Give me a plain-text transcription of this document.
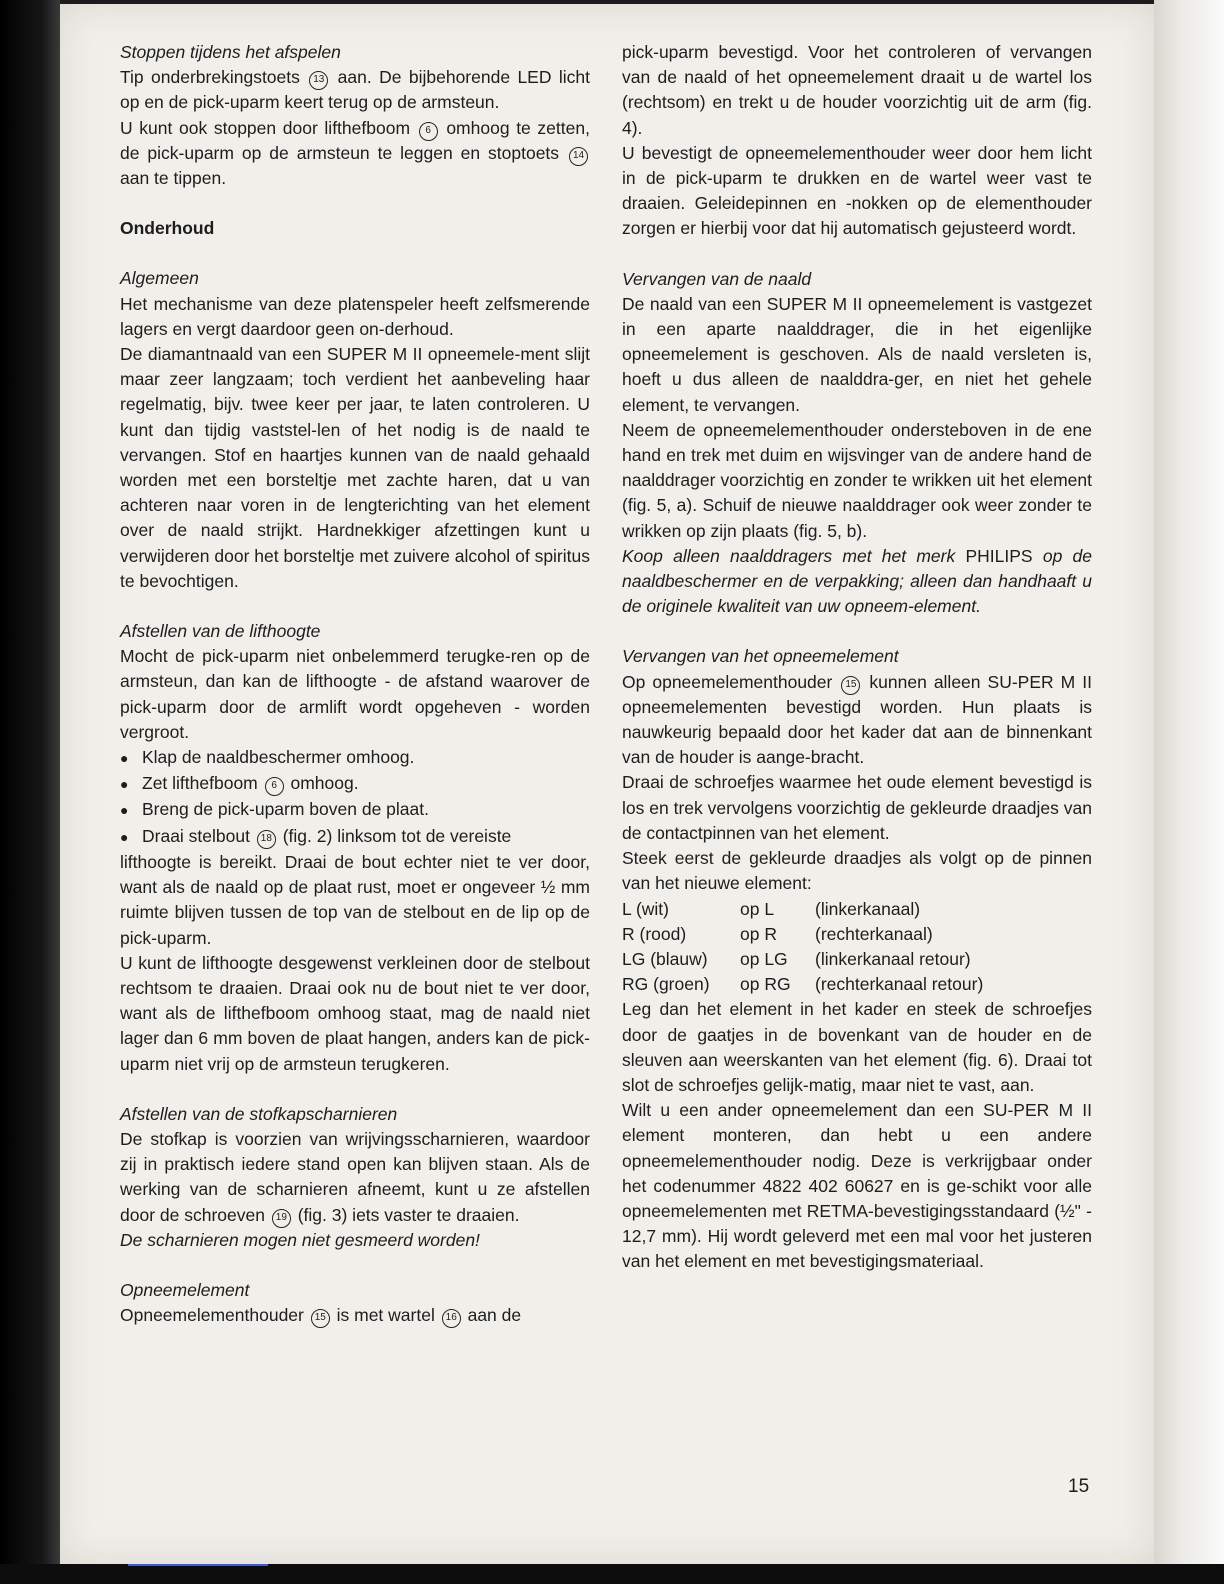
Stoppen tijdens het afspelen

Tip onderbrekingstoets 13 aan. De bijbehorende LED licht op en de pick-uparm keert terug op de armsteun.

U kunt ook stoppen door lifthefboom 6 omhoog te zetten, de pick-uparm op de armsteun te leggen en stoptoets 14 aan te tippen.

Onderhoud

Algemeen

Het mechanisme van deze platenspeler heeft zelfsmerende lagers en vergt daardoor geen on-derhoud.

De diamantnaald van een SUPER M II opneemele-ment slijt maar zeer langzaam; toch verdient het aanbeveling haar regelmatig, bijv. twee keer per jaar, te laten controleren. U kunt dan tijdig vaststel-len of het nodig is de naald te vervangen. Stof en haartjes kunnen van de naald gehaald worden met een borsteltje met zachte haren, dat u van achteren naar voren in de lengterichting van het element over de naald strijkt. Hardnekkiger afzettingen kunt u verwijderen door het borsteltje met zuivere alcohol of spiritus te bevochtigen.

Afstellen van de lifthoogte

Mocht de pick-uparm niet onbelemmerd terugke-ren op de armsteun, dan kan de lifthoogte - de afstand waarover de pick-uparm door de armlift wordt opgeheven - worden vergroot.

● Klap de naaldbeschermer omhoog.

● Zet lifthefboom 6 omhoog.

● Breng de pick-uparm boven de plaat.

● Draai stelbout 18 (fig. 2) linksom tot de vereiste

lifthoogte is bereikt. Draai de bout echter niet te ver door, want als de naald op de plaat rust, moet er ongeveer ½ mm ruimte blijven tussen de top van de stelbout en de lip op de pick-uparm.

U kunt de lifthoogte desgewenst verkleinen door de stelbout rechtsom te draaien. Draai ook nu de bout niet te ver door, want als de lifthefboom omhoog staat, mag de naald niet lager dan 6 mm boven de plaat hangen, anders kan de pick-uparm niet vrij op de armsteun terugkeren.

Afstellen van de stofkapscharnieren

De stofkap is voorzien van wrijvingsscharnieren, waardoor zij in praktisch iedere stand open kan blijven staan. Als de werking van de scharnieren afneemt, kunt u ze afstellen door de schroeven 19 (fig. 3) iets vaster te draaien.

De scharnieren mogen niet gesmeerd worden!

Opneemelement

Opneemelementhouder 15 is met wartel 16 aan de

pick-uparm bevestigd. Voor het controleren of vervangen van de naald of het opneemelement draait u de wartel los (rechtsom) en trekt u de houder voorzichtig uit de arm (fig. 4).

U bevestigt de opneemelementhouder weer door hem licht in de pick-uparm te drukken en de wartel weer vast te draaien. Geleidepinnen en -nokken op de elementhouder zorgen er hierbij voor dat hij automatisch gejusteerd wordt.

Vervangen van de naald

De naald van een SUPER M II opneemelement is vastgezet in een aparte naalddrager, die in het eigenlijke opneemelement is geschoven. Als de naald versleten is, hoeft u dus alleen de naalddra-ger, en niet het gehele element, te vervangen.

Neem de opneemelementhouder ondersteboven in de ene hand en trek met duim en wijsvinger van de andere hand de naalddrager voorzichtig en zonder te wrikken uit het element (fig. 5, a). Schuif de nieuwe naalddrager ook weer zonder te wrikken op zijn plaats (fig. 5, b).

Koop alleen naalddragers met het merk PHILIPS op de naaldbeschermer en de verpakking; alleen dan handhaaft u de originele kwaliteit van uw opneem-element.

Vervangen van het opneemelement

Op opneemelementhouder 15 kunnen alleen SU-PER M II opneemelementen bevestigd worden. Hun plaats is nauwkeurig bepaald door het kader dat aan de binnenkant van de houder is aange-bracht.

Draai de schroefjes waarmee het oude element bevestigd is los en trek vervolgens voorzichtig de gekleurde draadjes van de contactpinnen van het element.

Steek eerst de gekleurde draadjes als volgt op de pinnen van het nieuwe element:

L (wit)	op L	(linkerkanaal)

R (rood)	op R	(rechterkanaal)

LG (blauw)	op LG	(linkerkanaal retour)

RG (groen)	op RG	(rechterkanaal retour)

Leg dan het element in het kader en steek de schroefjes door de gaatjes in de bovenkant van de houder en de sleuven aan weerskanten van het element (fig. 6). Draai tot slot de schroefjes gelijk-matig, maar niet te vast, aan.

Wilt u een ander opneemelement dan een SU-PER M II element monteren, dan hebt u een andere opneemelementhouder nodig. Deze is verkrijgbaar onder het codenummer 4822 402 60627 en is ge-schikt voor alle opneemelementen met RETMA-bevestigingsstandaard (½" - 12,7 mm). Hij wordt geleverd met een mal voor het justeren van het element en met bevestigingsmateriaal.

15
